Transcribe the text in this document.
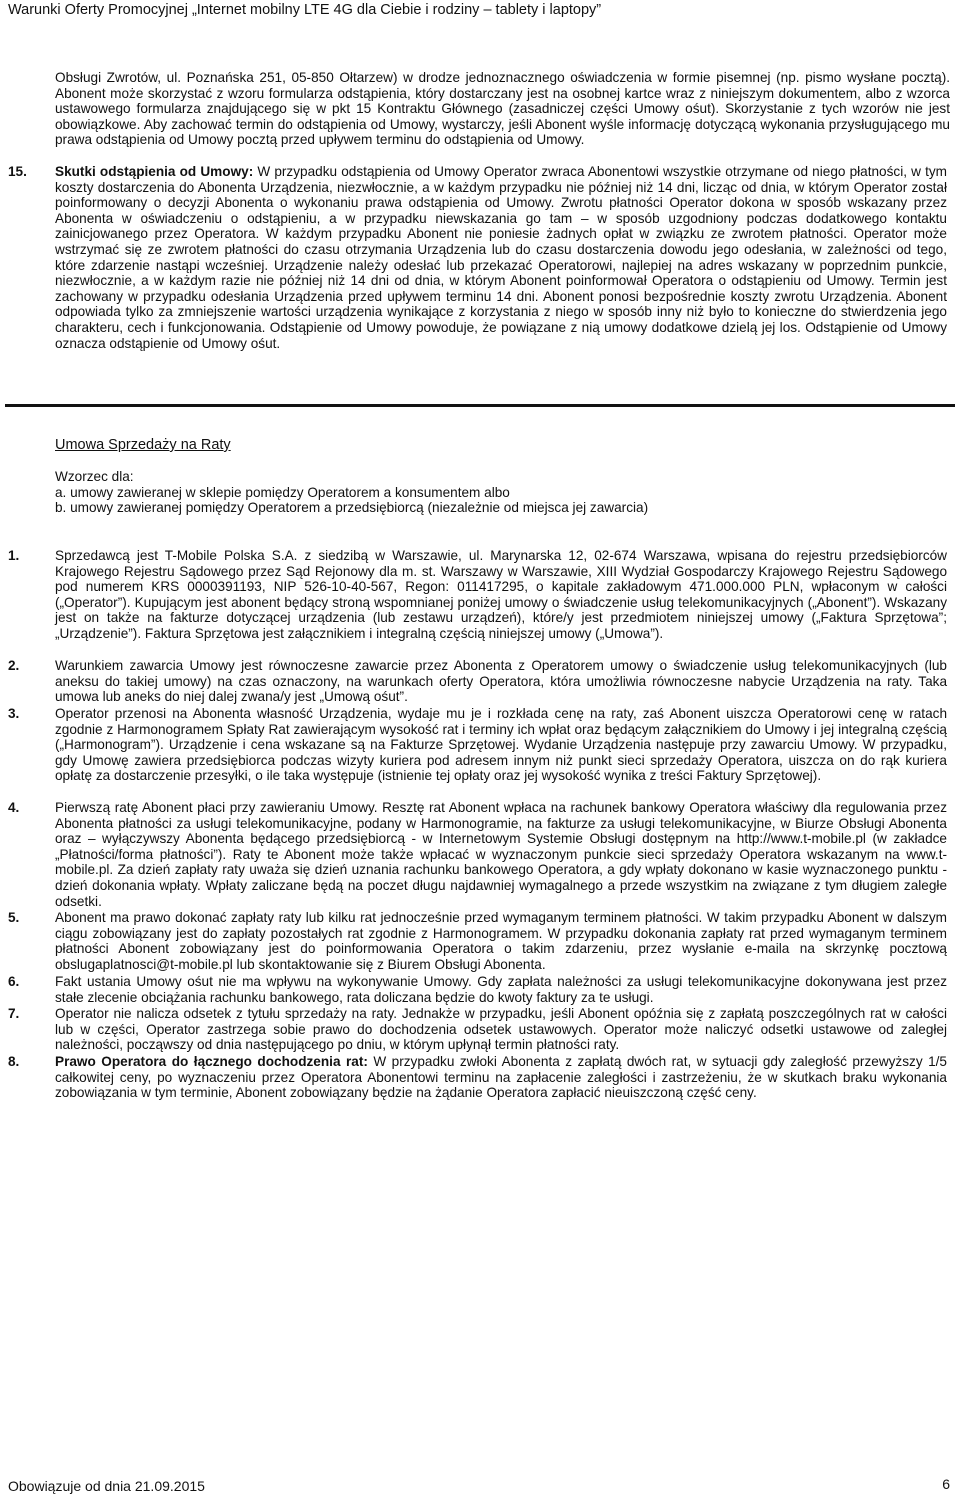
Warunki Oferty Promocyjnej „Internet mobilny LTE 4G dla Ciebie i rodziny – tablety i laptopy”
Obsługi Zwrotów, ul. Poznańska 251, 05-850 Ołtarzew) w drodze jednoznacznego oświadczenia w formie pisemnej (np. pismo wysłane pocztą). Abonent może skorzystać z wzoru formularza odstąpienia, który dostarczany jest na osobnej kartce wraz z niniejszym dokumentem, albo z wzorca ustawowego formularza znajdującego się w pkt 15 Kontraktu Głównego (zasadniczej części Umowy ośut). Skorzystanie z tych wzorów nie jest obowiązkowe. Aby zachować termin do odstąpienia od Umowy, wystarczy, jeśli Abonent wyśle informację dotyczącą wykonania przysługującego mu prawa odstąpienia od Umowy pocztą przed upływem terminu do odstąpienia od Umowy.
15. Skutki odstąpienia od Umowy: W przypadku odstąpienia od Umowy Operator zwraca Abonentowi wszystkie otrzymane od niego płatności, w tym koszty dostarczenia do Abonenta Urządzenia, niezwłocznie, a w każdym przypadku nie później niż 14 dni, licząc od dnia, w którym Operator został poinformowany o decyzji Abonenta o wykonaniu prawa odstąpienia od Umowy. Zwrotu płatności Operator dokona w sposób wskazany przez Abonenta w oświadczeniu o odstąpieniu, a w przypadku niewskazania go tam – w sposób uzgodniony podczas dodatkowego kontaktu zainicjowanego przez Operatora. W każdym przypadku Abonent nie poniesie żadnych opłat w związku ze zwrotem płatności. Operator może wstrzymać się ze zwrotem płatności do czasu otrzymania Urządzenia lub do czasu dostarczenia dowodu jego odesłania, w zależności od tego, które zdarzenie nastąpi wcześniej. Urządzenie należy odesłać lub przekazać Operatorowi, najlepiej na adres wskazany w poprzednim punkcie, niezwłocznie, a w każdym razie nie później niż 14 dni od dnia, w którym Abonent poinformował Operatora o odstąpieniu od Umowy. Termin jest zachowany w przypadku odesłania Urządzenia przed upływem terminu 14 dni. Abonent ponosi bezpośrednie koszty zwrotu Urządzenia. Abonent odpowiada tylko za zmniejszenie wartości urządzenia wynikające z korzystania z niego w sposób inny niż było to konieczne do stwierdzenia jego charakteru, cech i funkcjonowania. Odstąpienie od Umowy powoduje, że powiązane z nią umowy dodatkowe dzielą jej los. Odstąpienie od Umowy oznacza odstąpienie od Umowy ośut.
Umowa Sprzedaży na Raty
Wzorzec dla:
a. umowy zawieranej w sklepie pomiędzy Operatorem a konsumentem albo
b. umowy zawieranej pomiędzy Operatorem a przedsiębiorcą (niezależnie od miejsca jej zawarcia)
1.	Sprzedawcą jest T-Mobile Polska S.A. z siedzibą w Warszawie, ul. Marynarska 12, 02-674 Warszawa, wpisana do rejestru przedsiębiorców Krajowego Rejestru Sądowego przez Sąd Rejonowy dla m. st. Warszawy w Warszawie, XIII Wydział Gospodarczy Krajowego Rejestru Sądowego pod numerem KRS 0000391193, NIP 526-10-40-567, Regon: 011417295, o kapitale zakładowym 471.000.000 PLN, wpłaconym w całości („Operator”). Kupującym jest abonent będący stroną wspomnianej poniżej umowy o świadczenie usług telekomunikacyjnych („Abonent”). Wskazany jest on także na fakturze dotyczącej urządzenia (lub zestawu urządzeń), które/y jest przedmiotem niniejszej umowy („Faktura Sprzętowa”; „Urządzenie”). Faktura Sprzętowa jest załącznikiem i integralną częścią niniejszej umowy („Umowa”).
2.	Warunkiem zawarcia Umowy jest równoczesne zawarcie przez Abonenta z Operatorem umowy o świadczenie usług telekomunikacyjnych (lub aneksu do takiej umowy) na czas oznaczony, na warunkach oferty Operatora, która umożliwia równoczesne nabycie Urządzenia na raty. Taka umowa lub aneks do niej dalej zwana/y jest „Umową ośut”.
3.	Operator przenosi na Abonenta własność Urządzenia, wydaje mu je i rozkłada cenę na raty, zaś Abonent uiszcza Operatorowi cenę w ratach zgodnie z Harmonogramem Spłaty Rat zawierającym wysokość rat i terminy ich wpłat oraz będącym załącznikiem do Umowy i jej integralną częścią („Harmonogram”). Urządzenie i cena wskazane są na Fakturze Sprzętowej. Wydanie Urządzenia następuje przy zawarciu Umowy. W przypadku, gdy Umowę zawiera przedsiębiorca podczas wizyty kuriera pod adresem innym niż punkt sieci sprzedaży Operatora, uiszcza on do rąk kuriera opłatę za dostarczenie przesyłki, o ile taka występuje (istnienie tej opłaty oraz jej wysokość wynika z treści Faktury Sprzętowej).
4.	Pierwszą ratę Abonent płaci przy zawieraniu Umowy. Resztę rat Abonent wpłaca na rachunek bankowy Operatora właściwy dla regulowania przez Abonenta płatności za usługi telekomunikacyjne, podany w Harmonogramie, na fakturze za usługi telekomunikacyjne, w Biurze Obsługi Abonenta oraz – wyłączywszy Abonenta będącego przedsiębiorcą - w Internetowym Systemie Obsługi dostępnym na http://www.t-mobile.pl (w zakładce „Płatności/forma płatności”). Raty te Abonent może także wpłacać w wyznaczonym punkcie sieci sprzedaży Operatora wskazanym na www.t-mobile.pl. Za dzień zapłaty raty uważa się dzień uznania rachunku bankowego Operatora, a gdy wpłaty dokonano w kasie wyznaczonego punktu - dzień dokonania wpłaty. Wpłaty zaliczane będą na poczet długu najdawniej wymagalnego a przede wszystkim na związane z tym długiem zaległe odsetki.
5.	Abonent ma prawo dokonać zapłaty raty lub kilku rat jednocześnie przed wymaganym terminem płatności. W takim przypadku Abonent w dalszym ciągu zobowiązany jest do zapłaty pozostałych rat zgodnie z Harmonogramem. W przypadku dokonania zapłaty rat przed wymaganym terminem płatności Abonent zobowiązany jest do poinformowania Operatora o takim zdarzeniu, przez wysłanie e-maila na skrzynkę pocztową obslugaplatnosci@t-mobile.pl lub skontaktowanie się z Biurem Obsługi Abonenta.
6.	Fakt ustania Umowy ośut nie ma wpływu na wykonywanie Umowy. Gdy zapłata należności za usługi telekomunikacyjne dokonywana jest przez stałe zlecenie obciążania rachunku bankowego, rata doliczana będzie do kwoty faktury za te usługi.
7.	Operator nie nalicza odsetek z tytułu sprzedaży na raty. Jednakże w przypadku, jeśli Abonent opóźnia się z zapłatą poszczególnych rat w całości lub w części, Operator zastrzega sobie prawo do dochodzenia odsetek ustawowych. Operator może naliczyć odsetki ustawowe od zaległej należności, począwszy od dnia następującego po dniu, w którym upłynął termin płatności raty.
8.	Prawo Operatora do łącznego dochodzenia rat: W przypadku zwłoki Abonenta z zapłatą dwóch rat, w sytuacji gdy zaległość przewyższy 1/5 całkowitej ceny, po wyznaczeniu przez Operatora Abonentowi terminu na zapłacenie zaległości i zastrzeżeniu, że w skutkach braku wykonania zobowiązania w tym terminie, Abonent zobowiązany będzie na żądanie Operatora zapłacić nieuiszczoną część ceny.
Obowiązuje od dnia 21.09.2015	6
